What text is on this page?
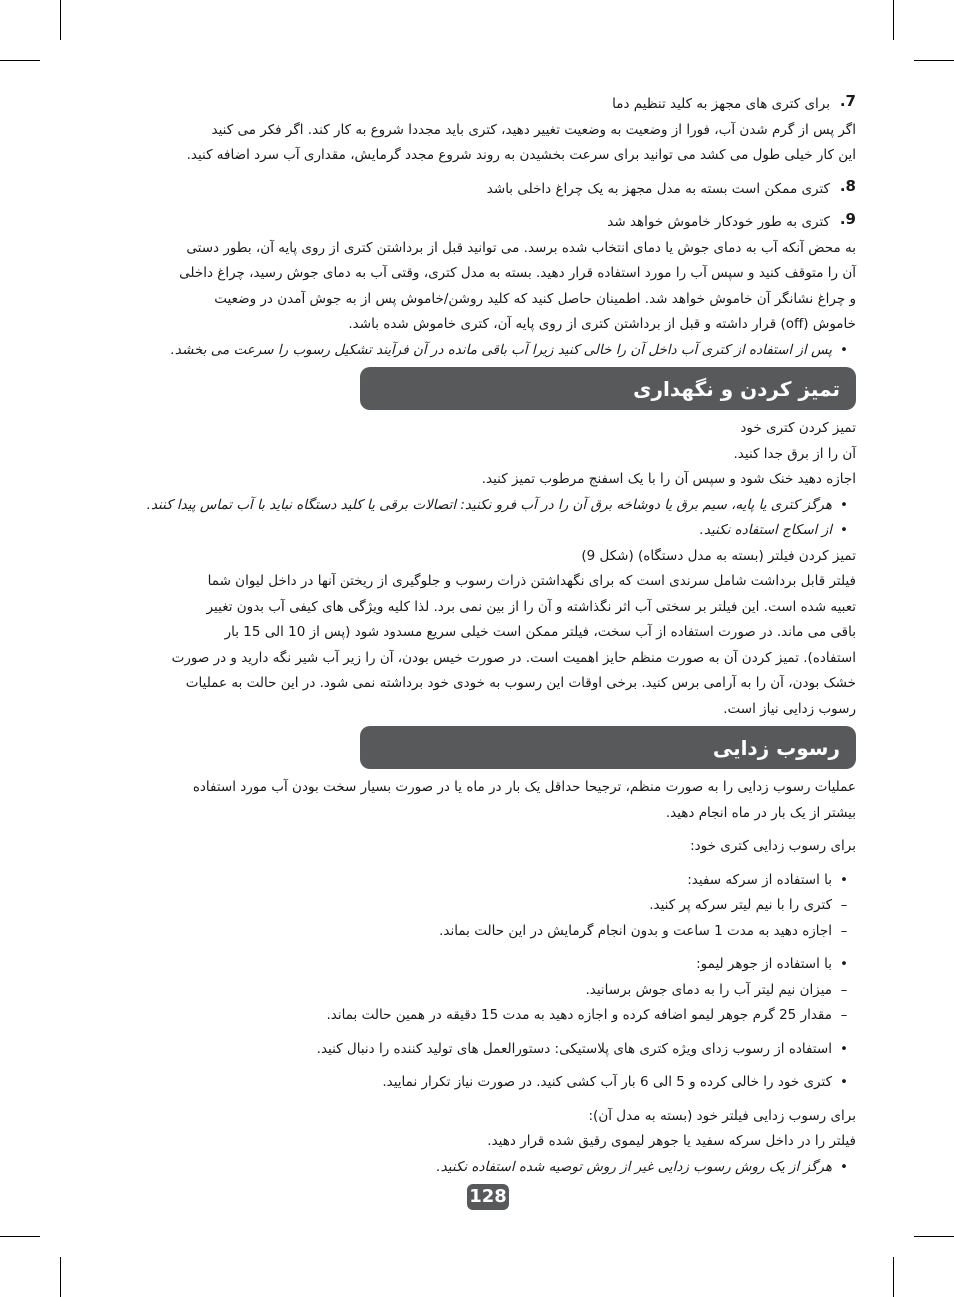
.7

برای کتری های مجهز به کلید تنظیم دما

اگر پس از گرم شدن آب، فورا از وضعیت به وضعیت تغییر دهید، کتری باید مجددا شروع به کار کند. اگر فکر می کنید

این کار خیلی طول می کشد می توانید برای سرعت بخشیدن به روند شروع مجدد گرمایش، مقداری آب سرد اضافه کنید.

.8

کتری ممکن است بسته به مدل مجهز به یک چراغ داخلی باشد

.9

کتری به طور خودکار خاموش خواهد شد

به محض آنکه آب به دمای جوش یا دمای انتخاب شده برسد. می توانید قبل از برداشتن کتری از روی پایه آن، بطور دستی

آن را متوقف کنید و سپس آب را مورد استفاده قرار دهید. بسته به مدل کتری، وقتی آب به دمای جوش رسید، چراغ داخلی

و چراغ نشانگر آن خاموش خواهد شد. اطمینان حاصل کنید که کلید روشن/خاموش پس از به جوش آمدن در وضعیت

خاموش (off) قرار داشته و قبل از برداشتن کتری از روی پایه آن، کتری خاموش شده باشد.

•
پس از استفاده از کتری آب داخل آن را خالی کنید زیرا آب باقی مانده در آن فرآیند تشکیل رسوب را سرعت می بخشد.
تمیز کردن و نگهداری

تمیز کردن کتری خود

آن را از برق جدا کنید.

اجازه دهید خنک شود و سپس آن را با یک اسفنج مرطوب تمیز کنید.

•
هرگز کتری یا پایه، سیم برق یا دوشاخه برق آن را در آب فرو نکنید: اتصالات برقی یا کلید دستگاه نباید با آب تماس پیدا کنند.
•
از اسکاج استفاده نکنید.

تمیز کردن فیلتر (بسته به مدل دستگاه) (شکل 9)

فیلتر قابل برداشت شامل سرندی است که برای نگهداشتن ذرات رسوب و جلوگیری از ریختن آنها در داخل لیوان شما

تعبیه شده است. این فیلتر بر سختی آب اثر نگذاشته و آن را از بین نمی برد. لذا کلیه ویژگی های کیفی آب بدون تغییر

باقی می ماند. در صورت استفاده از آب سخت، فیلتر ممکن است خیلی سریع مسدود شود (پس از 10 الی 15 بار

استفاده). تمیز کردن آن به صورت منظم حایز اهمیت است. در صورت خیس بودن، آن را زیر آب شیر نگه دارید و در صورت

خشک بودن، آن را به آرامی برس کنید. برخی اوقات این رسوب به خودی خود برداشته نمی شود. در این حالت به عملیات

رسوب زدایی نیاز است.

رسوب زدایی

عملیات رسوب زدایی را به صورت منظم، ترجیحا حداقل یک بار در ماه یا در صورت بسیار سخت بودن آب مورد استفاده

بیشتر از یک بار در ماه انجام دهید.

برای رسوب زدایی کتری خود:

•
با استفاده از سرکه سفید:
–
کتری را با نیم لیتر سرکه پر کنید.
–
اجازه دهید به مدت 1 ساعت و بدون انجام گرمایش در این حالت بماند.
•
با استفاده از جوهر لیمو:
–
میزان نیم لیتر آب را به دمای جوش برسانید.
–
مقدار 25 گرم جوهر لیمو اضافه کرده و اجازه دهید به مدت 15 دقیقه در همین حالت بماند.
•
استفاده از رسوب زدای ویژه کتری های پلاستیکی: دستورالعمل های تولید کننده را دنبال کنید.
•
کتری خود را خالی کرده و 5 الی 6 بار آب کشی کنید. در صورت نیاز تکرار نمایید.

برای رسوب زدایی فیلتر خود (بسته به مدل آن):

فیلتر را در داخل سرکه سفید یا جوهر لیموی رقیق شده قرار دهید.

•
هرگز از یک روش رسوب زدایی غیر از روش توصیه شده استفاده نکنید.
128
